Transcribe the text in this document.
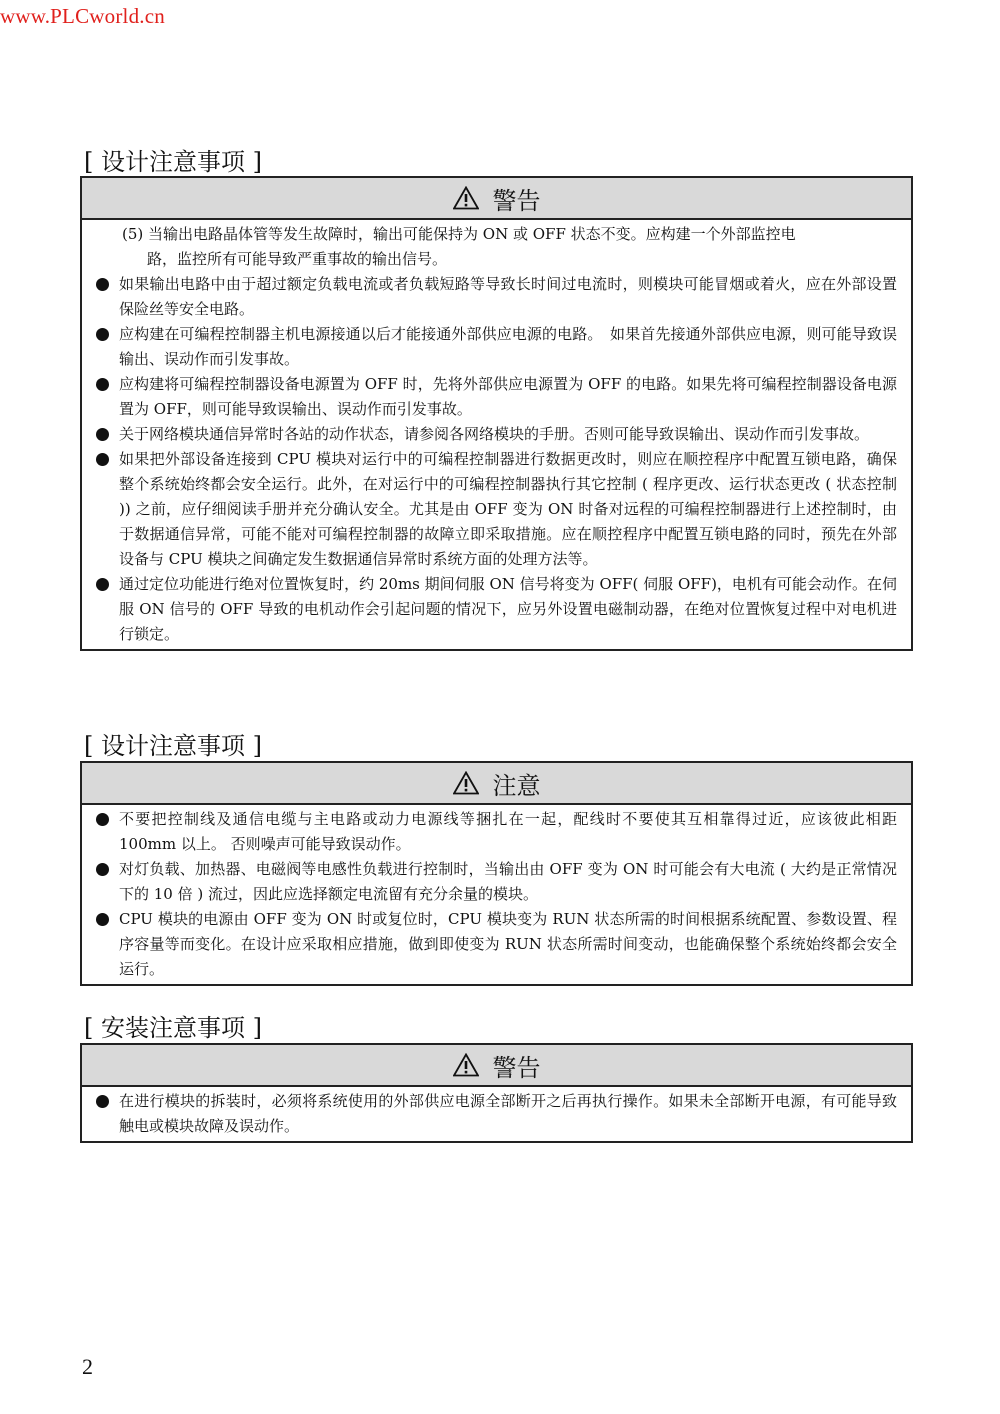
www.PLCworld.cn
[ 设计注意事项 ]
警告
(5) 当输出电路晶体管等发生故障时，输出可能保持为 ON 或 OFF 状态不变。应构建一个外部监控电
路，监控所有可能导致严重事故的输出信号。
如果输出电路中由于超过额定负载电流或者负载短路等导致长时间过电流时，则模块可能冒烟或着火，应在外部设置保险丝等安全电路。
应构建在可编程控制器主机电源接通以后才能接通外部供应电源的电路。　如果首先接通外部供应电源，则可能导致误输出、误动作而引发事故。
应构建将可编程控制器设备电源置为 OFF 时，先将外部供应电源置为 OFF 的电路。如果先将可编程控制器设备电源置为 OFF，则可能导致误输出、误动作而引发事故。
关于网络模块通信异常时各站的动作状态，请参阅各网络模块的手册。否则可能导致误输出、误动作而引发事故。
如果把外部设备连接到 CPU 模块对运行中的可编程控制器进行数据更改时，则应在顺控程序中配置互锁电路，确保整个系统始终都会安全运行。此外，在对运行中的可编程控制器执行其它控制 ( 程序更改、运行状态更改 ( 状态控制 )) 之前，应仔细阅读手册并充分确认安全。尤其是由 OFF 变为 ON 时备对远程的可编程控制器进行上述控制时，由于数据通信异常，可能不能对可编程控制器的故障立即采取措施。应在顺控程序中配置互锁电路的同时，预先在外部设备与 CPU 模块之间确定发生数据通信异常时系统方面的处理方法等。
通过定位功能进行绝对位置恢复时，约 20ms 期间伺服 ON 信号将变为 OFF( 伺服 OFF)，电机有可能会动作。在伺服 ON 信号的 OFF 导致的电机动作会引起问题的情况下，应另外设置电磁制动器，在绝对位置恢复过程中对电机进行锁定。
[ 设计注意事项 ]
注意
不要把控制线及通信电缆与主电路或动力电源线等捆扎在一起，配线时不要使其互相靠得过近，应该彼此相距 100mm 以上。 否则噪声可能导致误动作。
对灯负载、加热器、电磁阀等电感性负载进行控制时，当输出由 OFF 变为 ON 时可能会有大电流 ( 大约是正常情况下的 10 倍 ) 流过，因此应选择额定电流留有充分余量的模块。
CPU 模块的电源由 OFF 变为 ON 时或复位时，CPU 模块变为 RUN 状态所需的时间根据系统配置、参数设置、程序容量等而变化。在设计应采取相应措施，做到即使变为 RUN 状态所需时间变动，也能确保整个系统始终都会安全运行。
[ 安装注意事项 ]
警告
在进行模块的拆装时，必须将系统使用的外部供应电源全部断开之后再执行操作。如果未全部断开电源，有可能导致触电或模块故障及误动作。
2
